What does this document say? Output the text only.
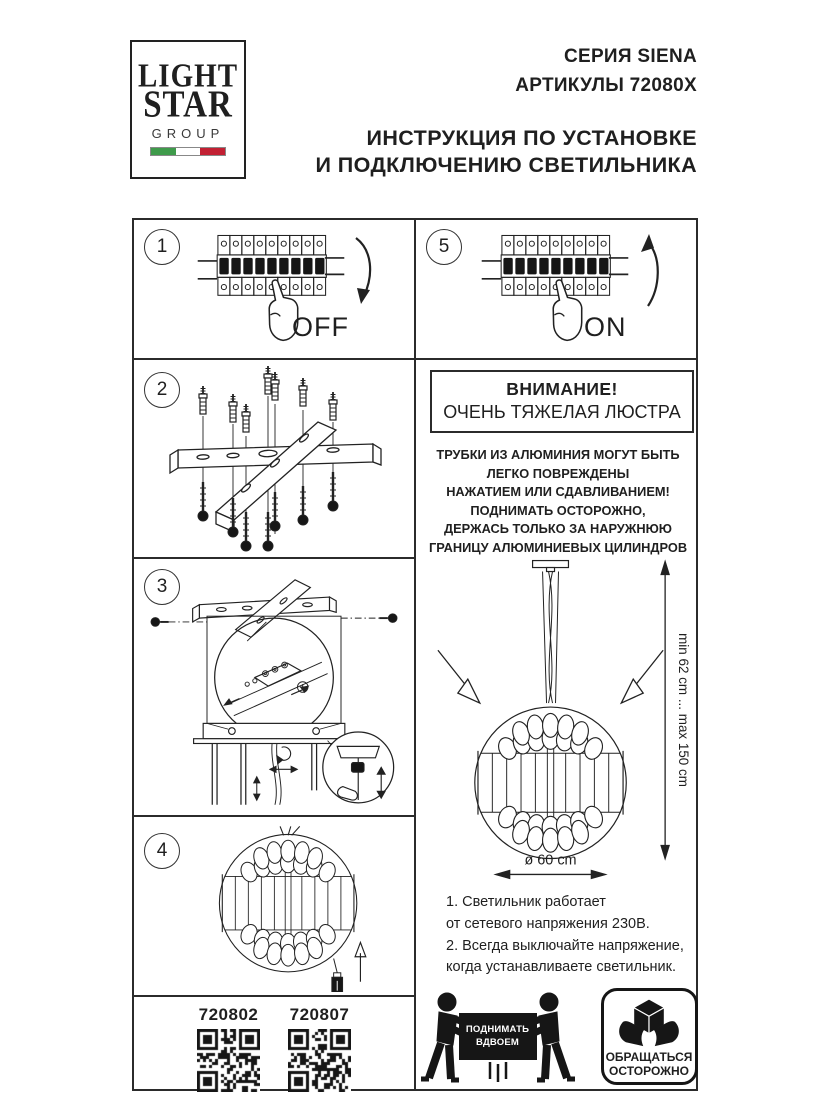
LIGHT
STAR
GROUP
СЕРИЯ SIENA
АРТИКУЛЫ 72080X
ИНСТРУКЦИЯ ПО УСТАНОВКЕ
И ПОДКЛЮЧЕНИЮ СВЕТИЛЬНИКА
1
OFF
5
ON
2
3
4
720802 720807
ВНИМАНИЕ!
ОЧЕНЬ ТЯЖЕЛАЯ ЛЮСТРА
ТРУБКИ ИЗ АЛЮМИНИЯ МОГУТ БЫТЬ
ЛЕГКО ПОВРЕЖДЕНЫ
НАЖАТИЕМ ИЛИ СДАВЛИВАНИЕМ!
ПОДНИМАТЬ ОСТОРОЖНО,
ДЕРЖАСЬ ТОЛЬКО ЗА НАРУЖНЮЮ
ГРАНИЦУ АЛЮМИНИЕВЫХ ЦИЛИНДРОВ
min 62 cm ... max 150 cm
ø 60 cm
1. Светильник работает
от сетевого напряжения 230В.
2. Всегда выключайте напряжение,
когда устанавливаете светильник.
ПОДНИМАТЬ
ВДВОЕМ
ОБРАЩАТЬСЯ
ОСТОРОЖНО
